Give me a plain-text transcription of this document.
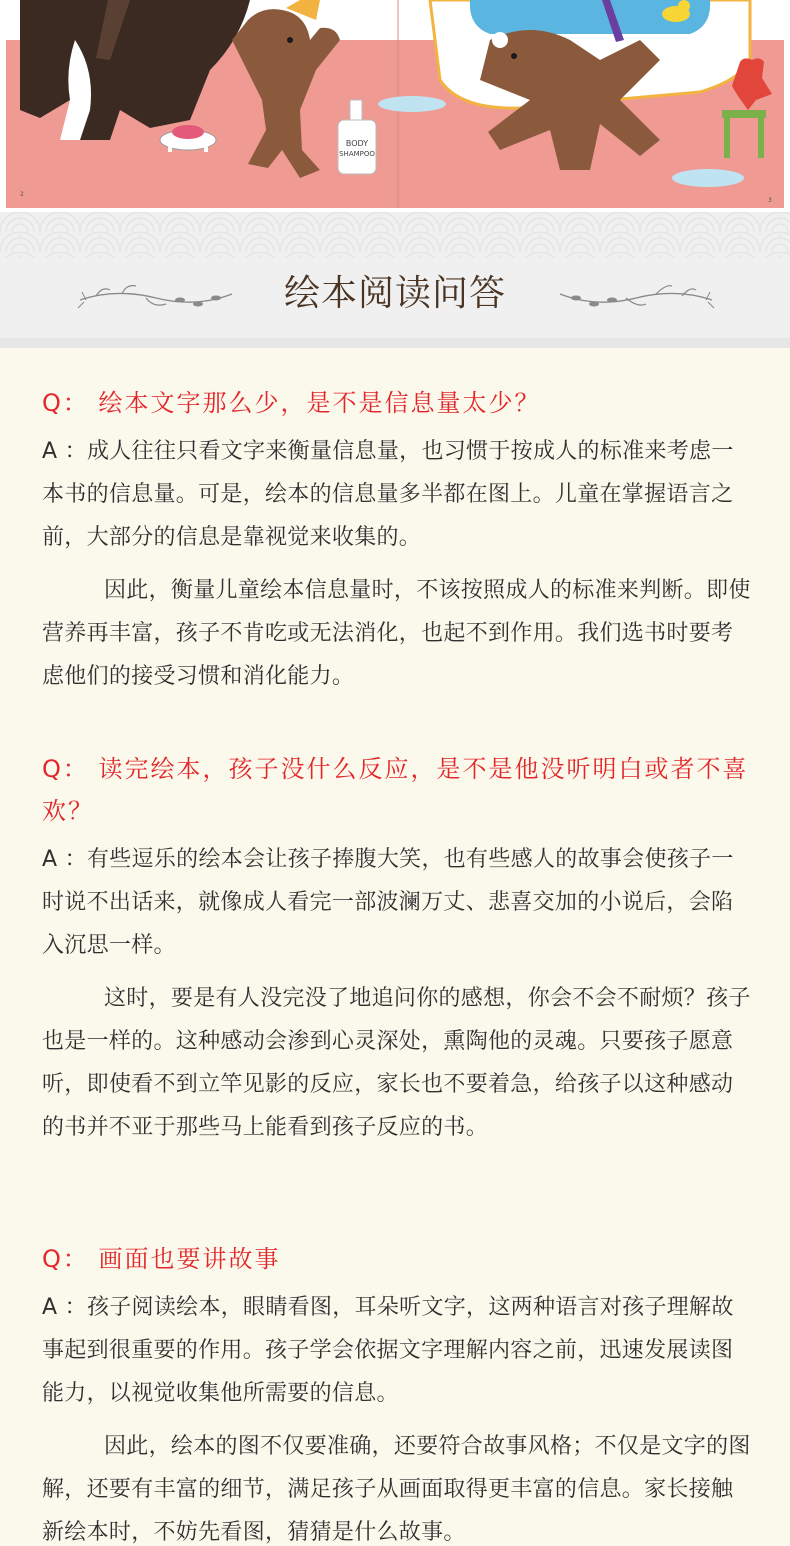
BODY
SHAMPOO
2
3
绘本阅读问答

Q： 绘本文字那么少，是不是信息量太少？

A ：成人往往只看文字来衡量信息量，也习惯于按成人的标准来考虑一本书的信息量。可是，绘本的信息量多半都在图上。儿童在掌握语言之前，大部分的信息是靠视觉来收集的。

因此，衡量儿童绘本信息量时，不该按照成人的标准来判断。即使营养再丰富，孩子不肯吃或无法消化，也起不到作用。我们选书时要考虑他们的接受习惯和消化能力。

Q： 读完绘本，孩子没什么反应，是不是他没听明白或者不喜欢？

A ：有些逗乐的绘本会让孩子捧腹大笑，也有些感人的故事会使孩子一时说不出话来，就像成人看完一部波澜万丈、悲喜交加的小说后，会陷入沉思一样。

这时，要是有人没完没了地追问你的感想，你会不会不耐烦？孩子也是一样的。这种感动会渗到心灵深处，熏陶他的灵魂。只要孩子愿意听，即使看不到立竿见影的反应，家长也不要着急，给孩子以这种感动的书并不亚于那些马上能看到孩子反应的书。

Q： 画面也要讲故事

A ：孩子阅读绘本，眼睛看图，耳朵听文字，这两种语言对孩子理解故事起到很重要的作用。孩子学会依据文字理解内容之前，迅速发展读图能力，以视觉收集他所需要的信息。

因此，绘本的图不仅要准确，还要符合故事风格；不仅是文字的图解，还要有丰富的细节，满足孩子从画面取得更丰富的信息。家长接触新绘本时，不妨先看图，猜猜是什么故事。
